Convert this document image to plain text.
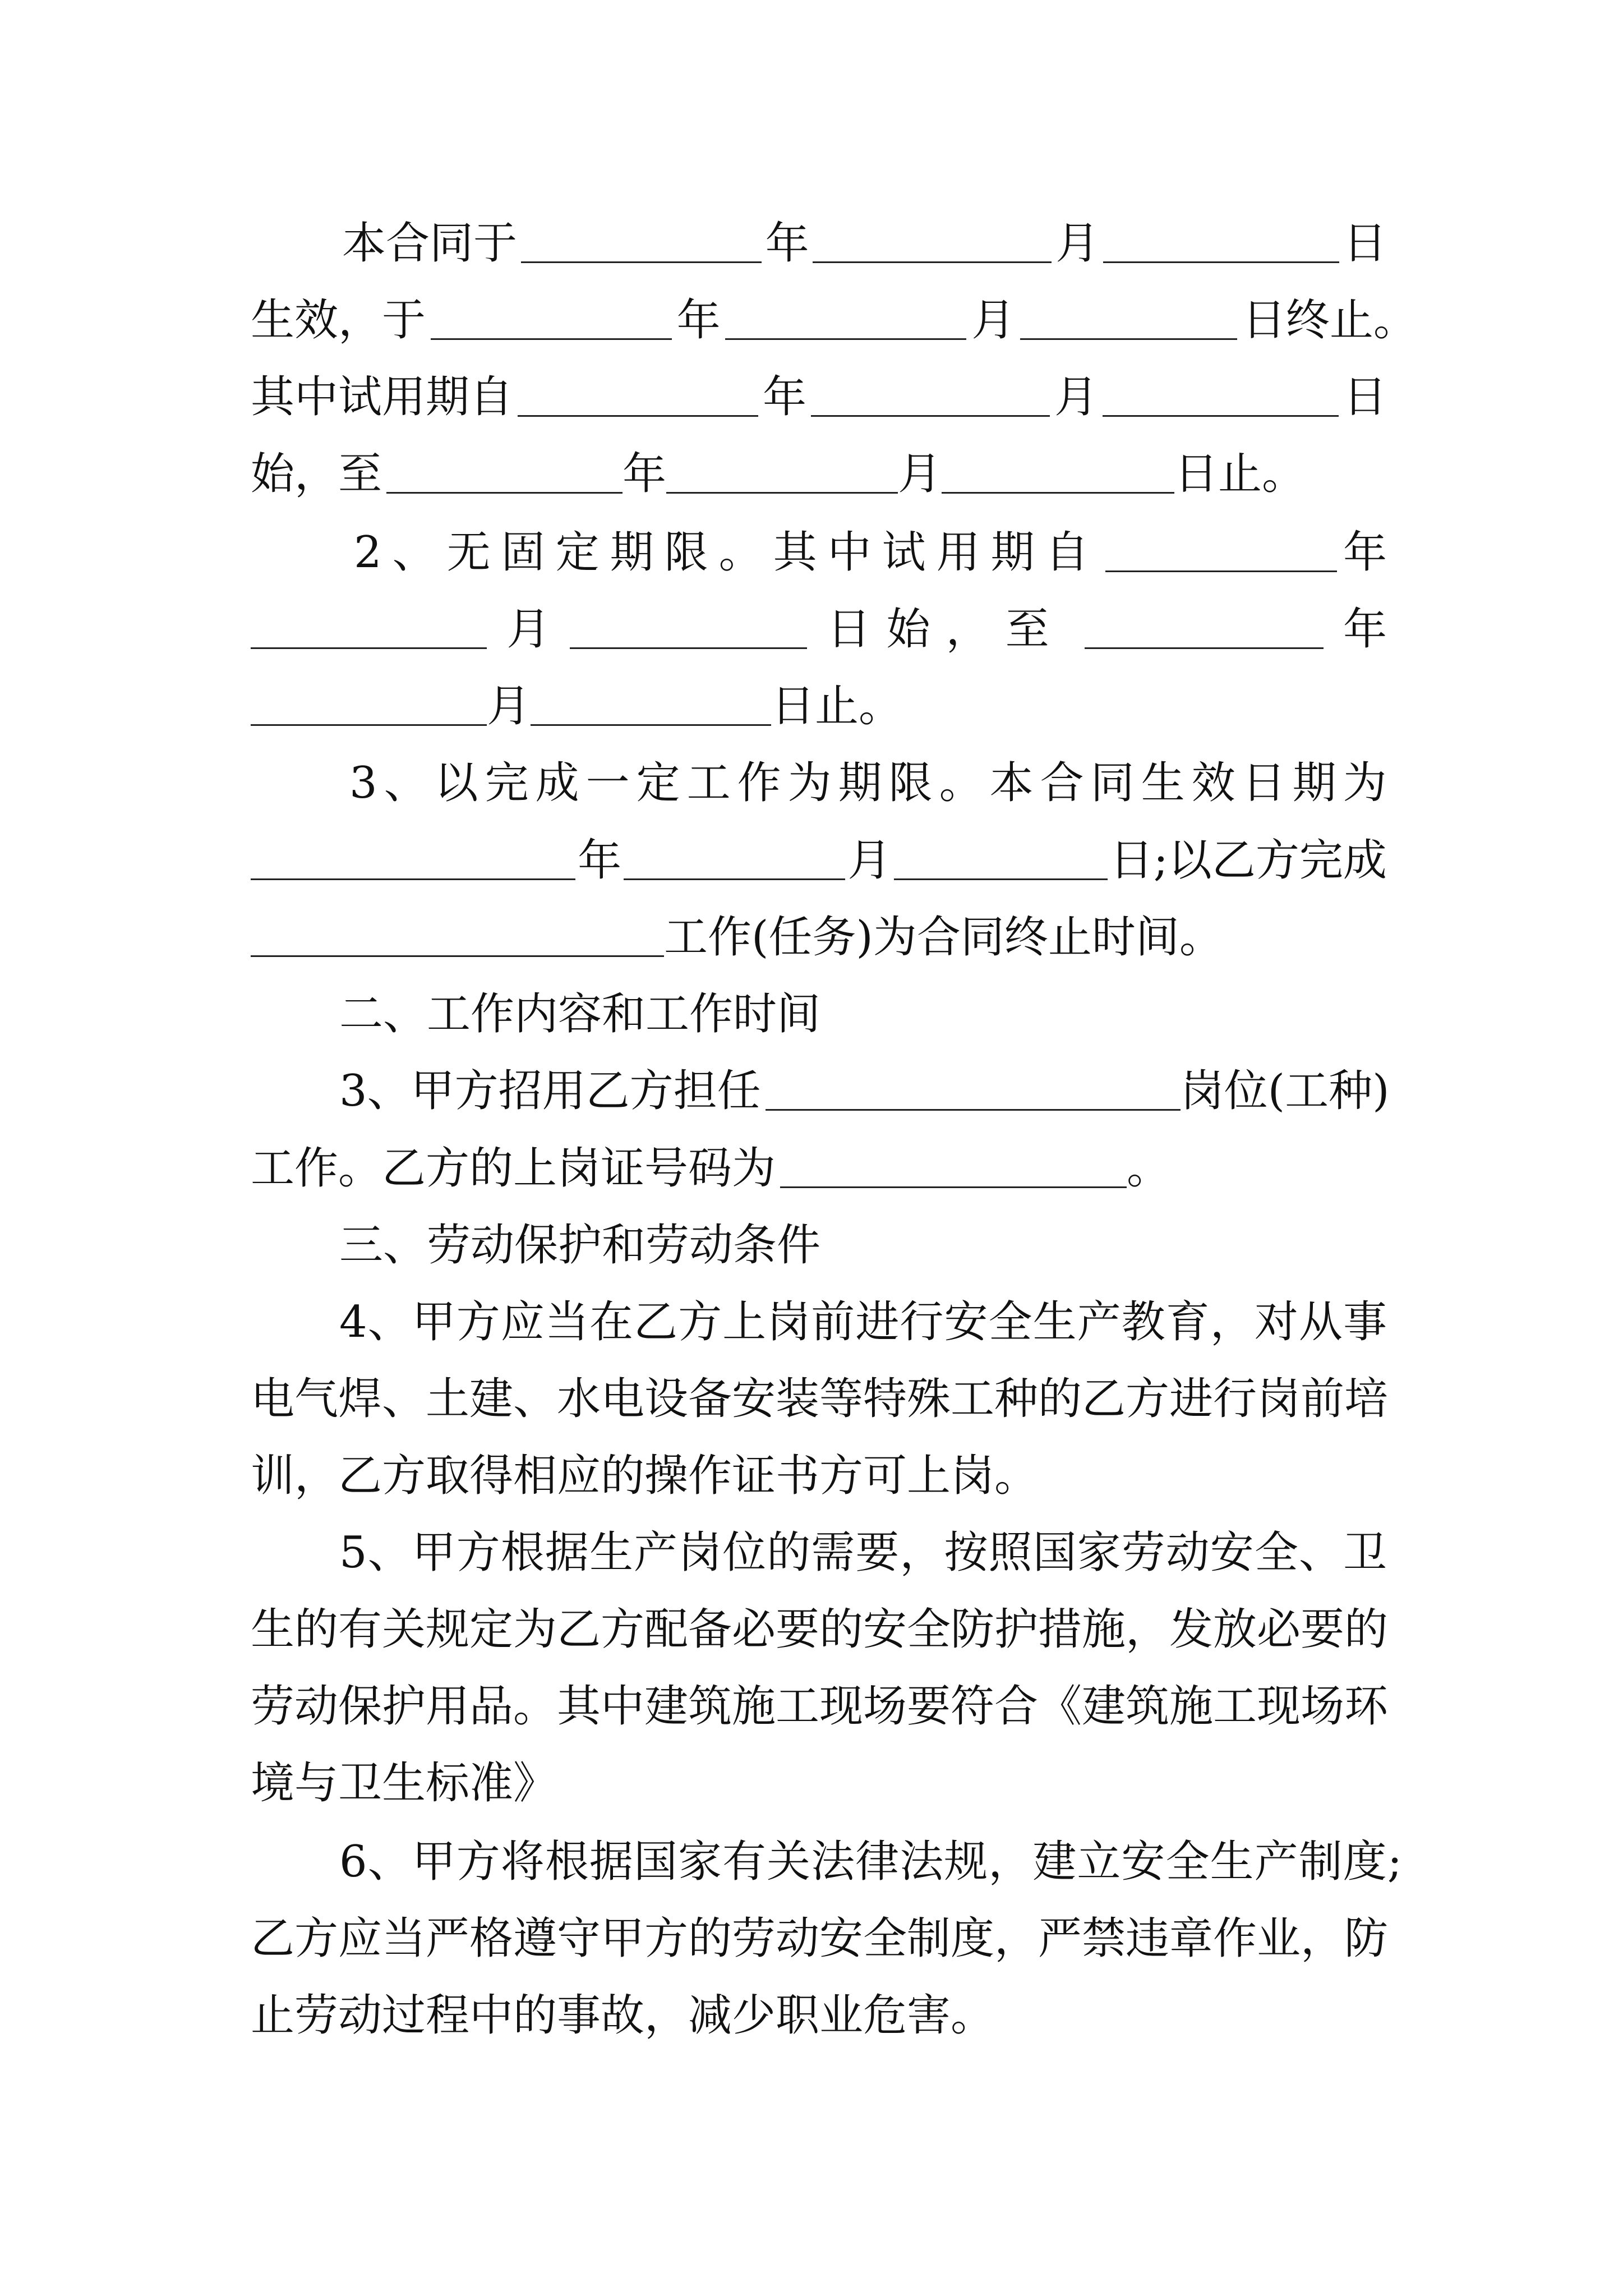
本合同于	年	月	日
生效，于	年	月	日终止。
其中试用期自	年	月	日
始，至	年	月	日止。
2、无固定期限。其中试用期自	年
月	日始，至	年
月	日止。
3、以完成一定工作为期限。本合同生效日期为
年	月	日;以乙方完成
工作(任务)为合同终止时间。
二、工作内容和工作时间
3、甲方招用乙方担任	岗位(工种)
工作。乙方的上岗证号码为	。
三、劳动保护和劳动条件
4、甲方应当在乙方上岗前进行安全生产教育，对从事
电气焊、土建、水电设备安装等特殊工种的乙方进行岗前培
训，乙方取得相应的操作证书方可上岗。
5、甲方根据生产岗位的需要，按照国家劳动安全、卫
生的有关规定为乙方配备必要的安全防护措施，发放必要的
劳动保护用品。其中建筑施工现场要符合《建筑施工现场环
境与卫生标准》
6、甲方将根据国家有关法律法规，建立安全生产制度;
乙方应当严格遵守甲方的劳动安全制度，严禁违章作业，防
止劳动过程中的事故，减少职业危害。
